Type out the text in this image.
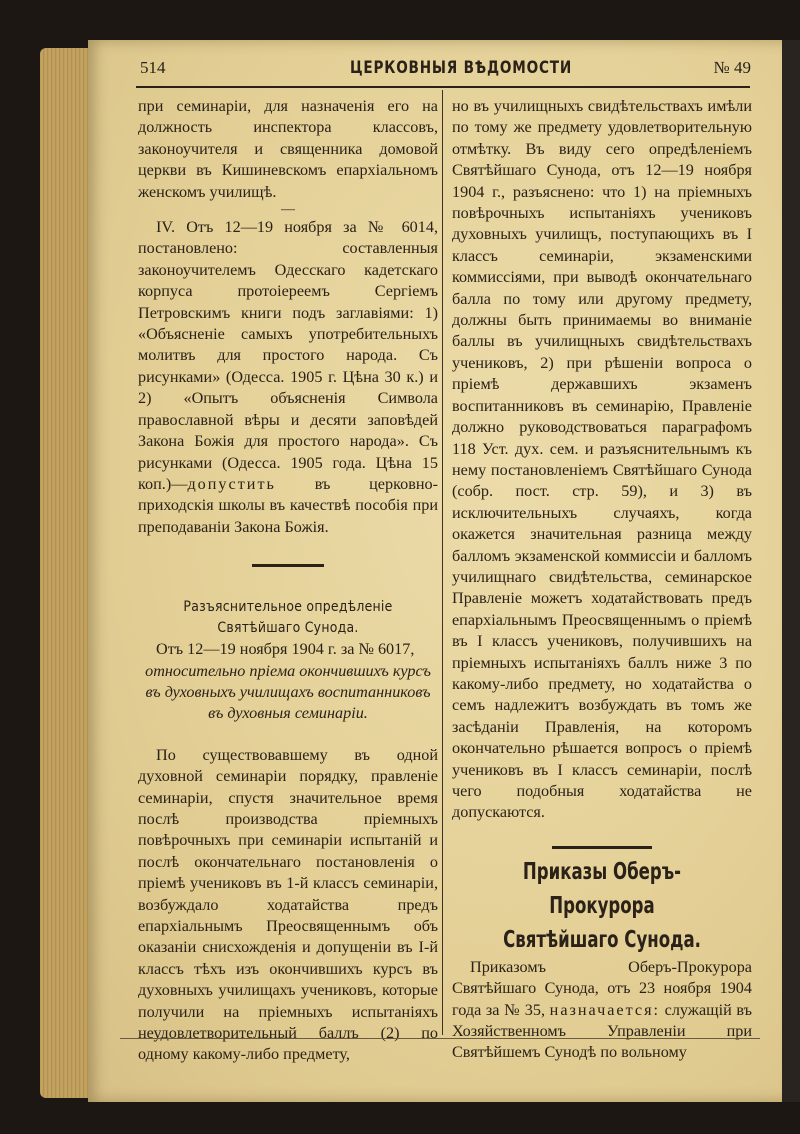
514	ЦЕРКОВНЫЯ ВѢДОМОСТИ	№ 49

при семинаріи, для назначенія его на должность инспектора классовъ, законоучителя и священника домовой церкви въ Кишиневскомъ епархіальномъ женскомъ училищѣ.

—

IV. Отъ 12—19 ноября за № 6014, постановлено: составленныя законоучителемъ Одесскаго кадетскаго корпуса протоіереемъ Сергіемъ Петровскимъ книги подъ заглавіями: 1) «Объясненіе самыхъ употребительныхъ молитвъ для простого народа. Съ рисунками» (Одесса. 1905 г. Цѣна 30 к.) и 2) «Опытъ объясненія Символа православной вѣры и десяти заповѣдей Закона Божія для простого народа». Съ рисунками (Одесса. 1905 года. Цѣна 15 коп.)—допустить въ церковно-приходскія школы въ качествѣ пособія при преподаваніи Закона Божія.

Разъяснительное опредѣленіе Святѣйшаго Сунода.

Отъ 12—19 ноября 1904 г. за № 6017,
относительно пріема окончившихъ курсъ въ духовныхъ училищахъ воспитанниковъ въ духовныя семинаріи.

По существовавшему въ одной духовной семинаріи порядку, правленіе семинаріи, спустя значительное время послѣ производства пріемныхъ повѣрочныхъ при семинаріи испытаній и послѣ окончательнаго постановленія о пріемѣ учениковъ въ 1-й классъ семинаріи, возбуждало ходатайства предъ епархіальнымъ Преосвященнымъ объ оказаніи снисхожденія и допущеніи въ І-й классъ тѣхъ изъ окончившихъ курсъ въ духовныхъ училищахъ учениковъ, которые получили на пріемныхъ испытаніяхъ неудовлетворительный баллъ (2) по одному какому-либо предмету,

но въ училищныхъ свидѣтельствахъ имѣли по тому же предмету удовлетворительную отмѣтку. Въ виду сего опредѣленіемъ Святѣйшаго Сунода, отъ 12—19 ноября 1904 г., разъяснено: что 1) на пріемныхъ повѣрочныхъ испытаніяхъ учениковъ духовныхъ училищъ, поступающихъ въ I классъ семинаріи, экзаменскими коммиссіями, при выводѣ окончательнаго балла по тому или другому предмету, должны быть принимаемы во вниманіе баллы въ училищныхъ свидѣтельствахъ учениковъ, 2) при рѣшеніи вопроса о пріемѣ державшихъ экзаменъ воспитанниковъ въ семинарію, Правленіе должно руководствоваться параграфомъ 118 Уст. дух. сем. и разъяснительнымъ къ нему постановленіемъ Святѣйшаго Сунода (собр. пост. стр. 59), и 3) въ исключительныхъ случаяхъ, когда окажется значительная разница между балломъ экзаменской коммиссіи и балломъ училищнаго свидѣтельства, семинарское Правленіе можетъ ходатайствовать предъ епархіальнымъ Преосвященнымъ о пріемѣ въ I классъ учениковъ, получившихъ на пріемныхъ испытаніяхъ баллъ ниже 3 по какому-либо предмету, но ходатайства о семъ надлежитъ возбуждать въ томъ же засѣданіи Правленія, на которомъ окончательно рѣшается вопросъ о пріемѣ учениковъ въ I классъ семинаріи, послѣ чего подобныя ходатайства не допускаются.

Приказы Оберъ-Прокурора Святѣйшаго Сунода.

Приказомъ Оберъ-Прокурора Святѣйшаго Сунода, отъ 23 ноября 1904 года за № 35, назначается: служащій въ Хозяйственномъ Управленіи при Святѣйшемъ Сунодѣ по вольному
